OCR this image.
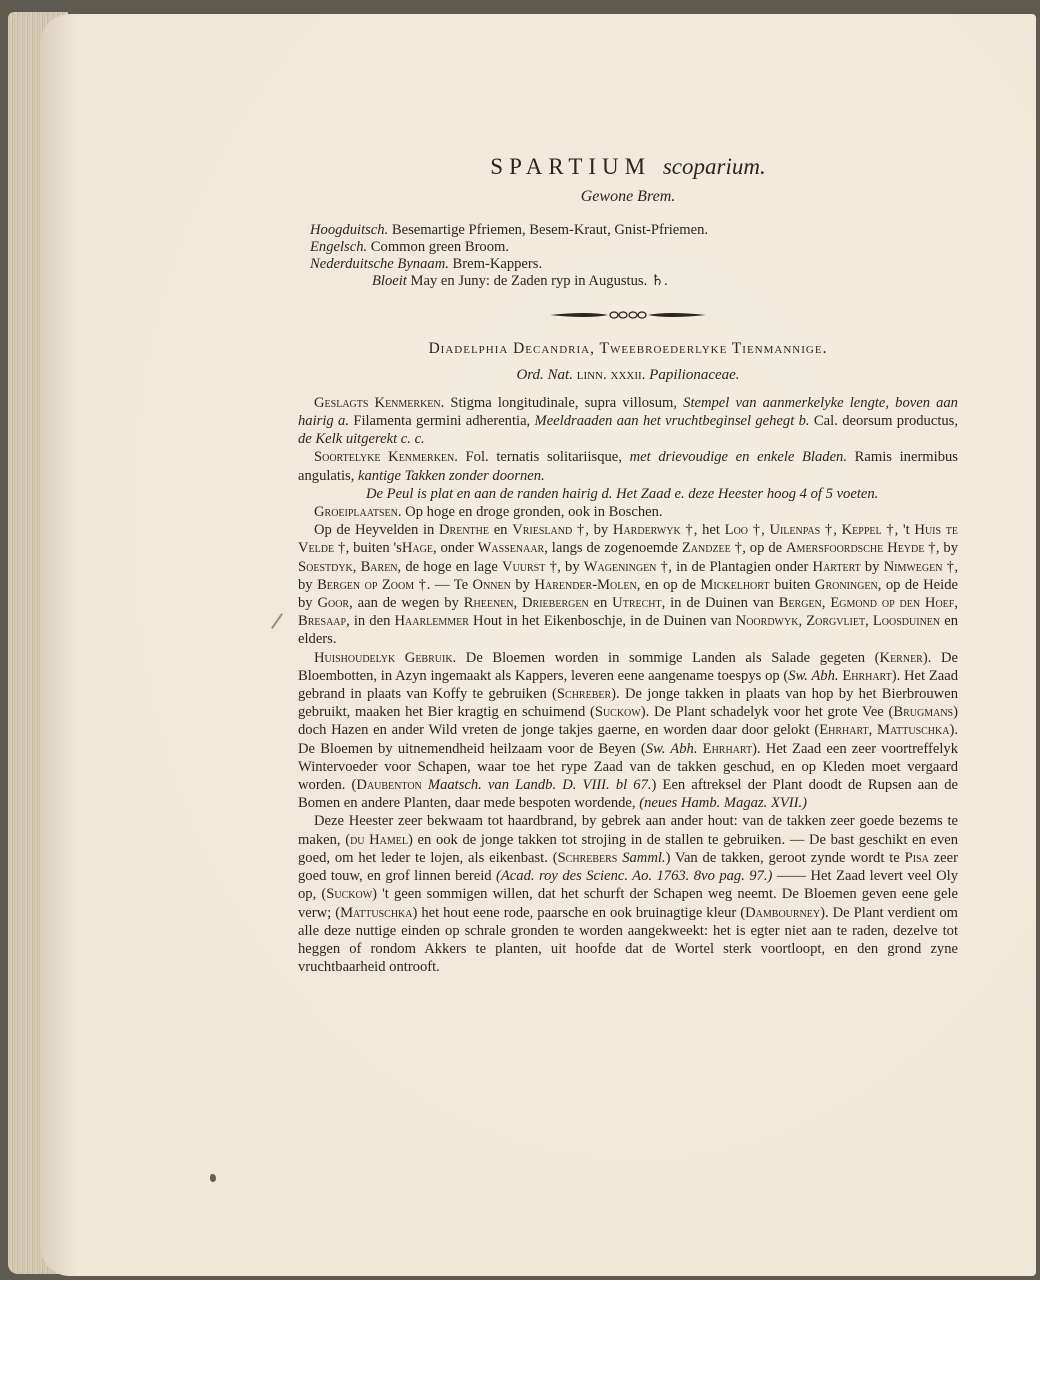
SPARTIUM scoparium.
Gewone Brem.
Hoogduitsch. Besemartige Pfriemen, Besem-Kraut, Gnist-Pfriemen.
Engelsch. Common green Broom.
Nederduitsche Bynaam. Brem-Kappers.
Bloeit May en Juny: de Zaden ryp in Augustus. ♄.
Diadelphia Decandria, Tweebroederlyke Tienmannige.
Ord. Nat. linn. xxxii. Papilionaceae.

Geslagts Kenmerken. Stigma longitudinale, supra villosum, Stempel van aanmerkelyke lengte, boven aan hairig a. Filamenta germini adherentia, Meeldraaden aan het vruchtbeginsel gehegt b. Cal. deorsum productus, de Kelk uitgerekt c. c.

Soortelyke Kenmerken. Fol. ternatis solitariisque, met drievoudige en enkele Bladen. Ramis inermibus angulatis, kantige Takken zonder doornen.

De Peul is plat en aan de randen hairig d. Het Zaad e. deze Heester hoog 4 of 5 voeten.

Groeiplaatsen. Op hoge en droge gronden, ook in Boschen.

Op de Heyvelden in Drenthe en Vriesland †, by Harderwyk †, het Loo †, Uilenpas †, Keppel †, 't Huis te Velde †, buiten 'sHage, onder Wassenaar, langs de zogenoemde Zandzee †, op de Amersfoordsche Heyde †, by Soestdyk, Baren, de hoge en lage Vuurst †, by Wageningen †, in de Plantagien onder Hartert by Nimwegen †, by Bergen op Zoom †. — Te Onnen by Harender-Molen, en op de Mickelhort buiten Groningen, op de Heide by Goor, aan de wegen by Rheenen, Driebergen en Utrecht, in de Duinen van Bergen, Egmond op den Hoef, Bresaap, in den Haarlemmer Hout in het Eikenboschje, in de Duinen van Noordwyk, Zorgvliet, Loosduinen en elders.

Huishoudelyk Gebruik. De Bloemen worden in sommige Landen als Salade gegeten (Kerner). De Bloembotten, in Azyn ingemaakt als Kappers, leveren eene aangename toespys op (Sw. Abh. Ehrhart). Het Zaad gebrand in plaats van Koffy te gebruiken (Schreber). De jonge takken in plaats van hop by het Bierbrouwen gebruikt, maaken het Bier kragtig en schuimend (Suckow). De Plant schadelyk voor het grote Vee (Brugmans) doch Hazen en ander Wild vreten de jonge takjes gaerne, en worden daar door gelokt (Ehrhart, Mattuschka). De Bloemen by uitnemendheid heilzaam voor de Beyen (Sw. Abh. Ehrhart). Het Zaad een zeer voortreffelyk Wintervoeder voor Schapen, waar toe het rype Zaad van de takken geschud, en op Kleden moet vergaard worden. (Daubenton Maatsch. van Landb. D. VIII. bl 67.) Een aftreksel der Plant doodt de Rupsen aan de Bomen en andere Planten, daar mede bespoten wordende, (neues Hamb. Magaz. XVII.)

Deze Heester zeer bekwaam tot haardbrand, by gebrek aan ander hout: van de takken zeer goede bezems te maken, (du Hamel) en ook de jonge takken tot strojing in de stallen te gebruiken. — De bast geschikt en even goed, om het leder te lojen, als eikenbast. (Schrebers Samml.) Van de takken, geroot zynde wordt te Pisa zeer goed touw, en grof linnen bereid (Acad. roy des Scienc. Ao. 1763. 8vo pag. 97.) —— Het Zaad levert veel Oly op, (Suckow) 't geen sommigen willen, dat het schurft der Schapen weg neemt. De Bloemen geven eene gele verw; (Mattuschka) het hout eene rode, paarsche en ook bruinagtige kleur (Dambourney). De Plant verdient om alle deze nuttige einden op schrale gronden te worden aangekweekt: het is egter niet aan te raden, dezelve tot heggen of rondom Akkers te planten, uit hoofde dat de Wortel sterk voortloopt, en den grond zyne vruchtbaarheid ontrooft.
